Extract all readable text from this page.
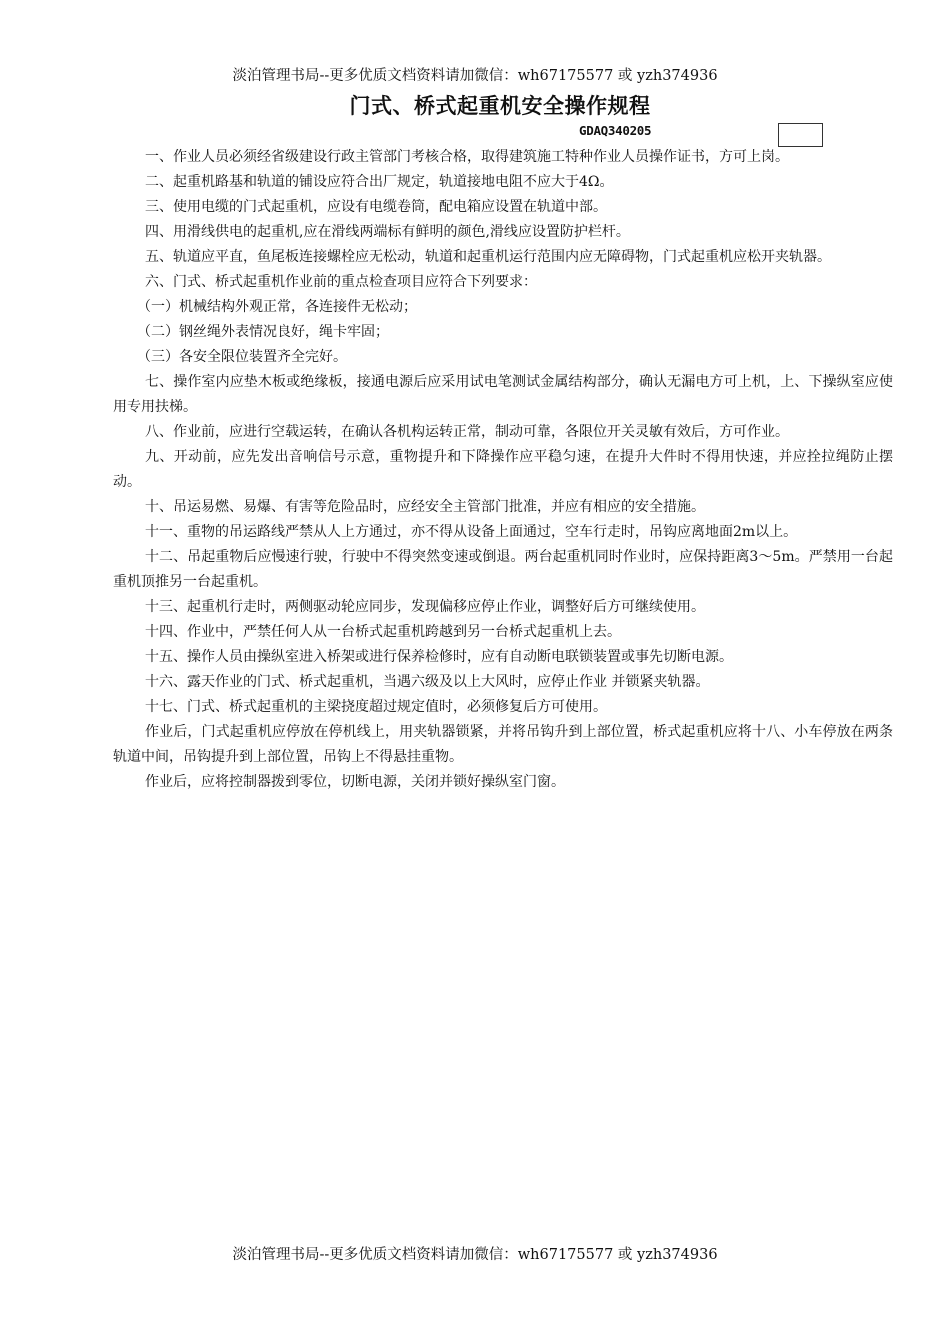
淡泊管理书局--更多优质文档资料请加微信：wh67175577 或 yzh374936
门式、桥式起重机安全操作规程
GDAQ340205

一、作业人员必须经省级建设行政主管部门考核合格，取得建筑施工特种作业人员操作证书，方可上岗。

二、起重机路基和轨道的铺设应符合出厂规定，轨道接地电阻不应大于4Ω。

三、使用电缆的门式起重机，应设有电缆卷筒，配电箱应设置在轨道中部。

四、用滑线供电的起重机,应在滑线两端标有鲜明的颜色,滑线应设置防护栏杆。

五、轨道应平直，鱼尾板连接螺栓应无松动，轨道和起重机运行范围内应无障碍物，门式起重机应松开夹轨器。

六、门式、桥式起重机作业前的重点检查项目应符合下列要求：

（一）机械结构外观正常，各连接件无松动；

（二）钢丝绳外表情况良好，绳卡牢固；

（三）各安全限位装置齐全完好。

七、操作室内应垫木板或绝缘板，接通电源后应采用试电笔测试金属结构部分，确认无漏电方可上机，上、下操纵室应使用专用扶梯。

八、作业前，应进行空载运转，在确认各机构运转正常，制动可靠，各限位开关灵敏有效后，方可作业。

九、开动前，应先发出音响信号示意，重物提升和下降操作应平稳匀速，在提升大件时不得用快速，并应拴拉绳防止摆动。

十、吊运易燃、易爆、有害等危险品时，应经安全主管部门批准，并应有相应的安全措施。

十一、重物的吊运路线严禁从人上方通过，亦不得从设备上面通过，空车行走时，吊钩应离地面2m以上。

十二、吊起重物后应慢速行驶，行驶中不得突然变速或倒退。两台起重机同时作业时，应保持距离3～5m。严禁用一台起重机顶推另一台起重机。

十三、起重机行走时，两侧驱动轮应同步，发现偏移应停止作业，调整好后方可继续使用。

十四、作业中，严禁任何人从一台桥式起重机跨越到另一台桥式起重机上去。

十五、操作人员由操纵室进入桥架或进行保养检修时，应有自动断电联锁装置或事先切断电源。

十六、露天作业的门式、桥式起重机，当遇六级及以上大风时，应停止作业 并锁紧夹轨器。

十七、门式、桥式起重机的主梁挠度超过规定值时，必须修复后方可使用。

作业后，门式起重机应停放在停机线上，用夹轨器锁紧，并将吊钩升到上部位置，桥式起重机应将十八、小车停放在两条轨道中间，吊钩提升到上部位置，吊钩上不得悬挂重物。

作业后，应将控制器拨到零位，切断电源，关闭并锁好操纵室门窗。

淡泊管理书局--更多优质文档资料请加微信：wh67175577 或 yzh374936
